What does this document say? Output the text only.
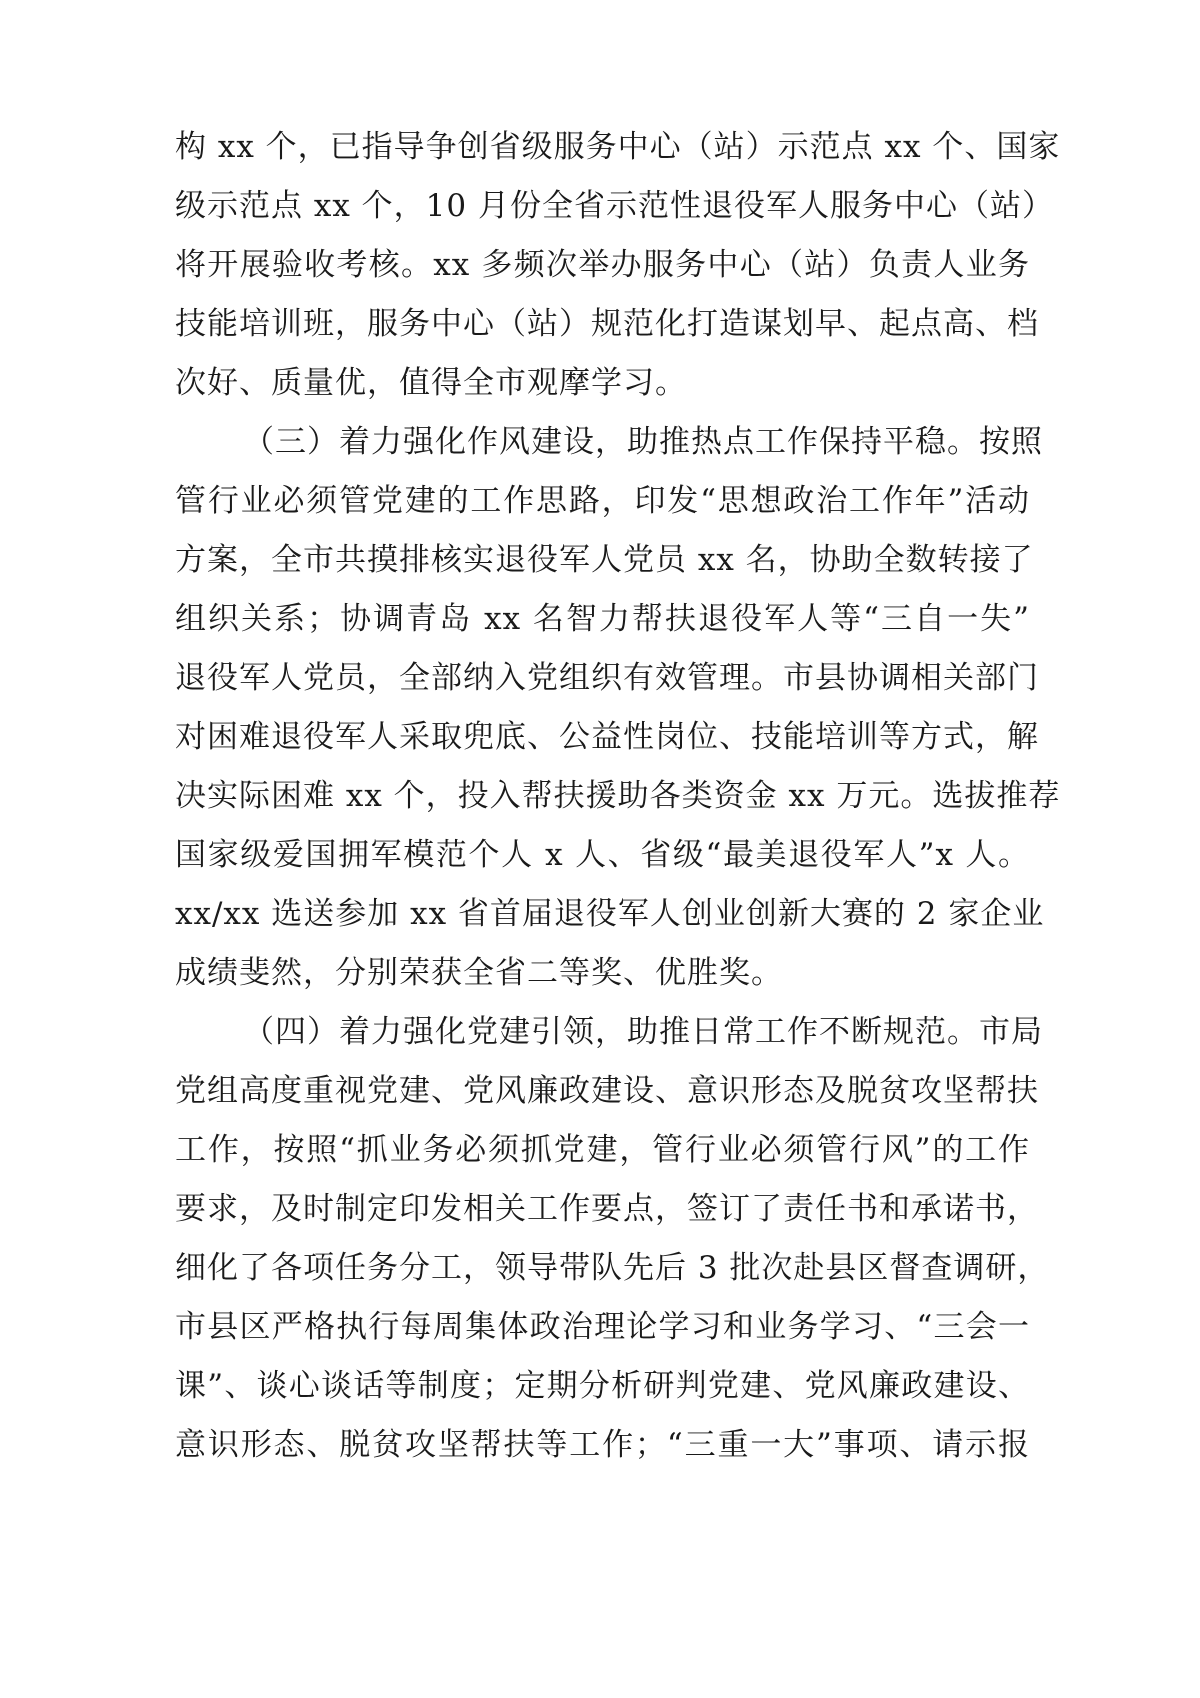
构 xx 个，已指导争创省级服务中心（站）示范点 xx 个、国家
级示范点 xx 个，10 月份全省示范性退役军人服务中心（站）
将开展验收考核。xx 多频次举办服务中心（站）负责人业务
技能培训班，服务中心（站）规范化打造谋划早、起点高、档
次好、质量优，值得全市观摩学习。
（三）着力强化作风建设，助推热点工作保持平稳。按照
管行业必须管党建的工作思路，印发“思想政治工作年”活动
方案，全市共摸排核实退役军人党员 xx 名，协助全数转接了
组织关系；协调青岛 xx 名智力帮扶退役军人等“三自一失”
退役军人党员，全部纳入党组织有效管理。市县协调相关部门
对困难退役军人采取兜底、公益性岗位、技能培训等方式，解
决实际困难 xx 个，投入帮扶援助各类资金 xx 万元。选拔推荐
国家级爱国拥军模范个人 x 人、省级“最美退役军人”x 人。
xx/xx 选送参加 xx 省首届退役军人创业创新大赛的 2 家企业
成绩斐然，分别荣获全省二等奖、优胜奖。
（四）着力强化党建引领，助推日常工作不断规范。市局
党组高度重视党建、党风廉政建设、意识形态及脱贫攻坚帮扶
工作，按照“抓业务必须抓党建，管行业必须管行风”的工作
要求，及时制定印发相关工作要点，签订了责任书和承诺书，
细化了各项任务分工，领导带队先后 3 批次赴县区督查调研，
市县区严格执行每周集体政治理论学习和业务学习、“三会一
课”、谈心谈话等制度；定期分析研判党建、党风廉政建设、
意识形态、脱贫攻坚帮扶等工作；“三重一大”事项、请示报
